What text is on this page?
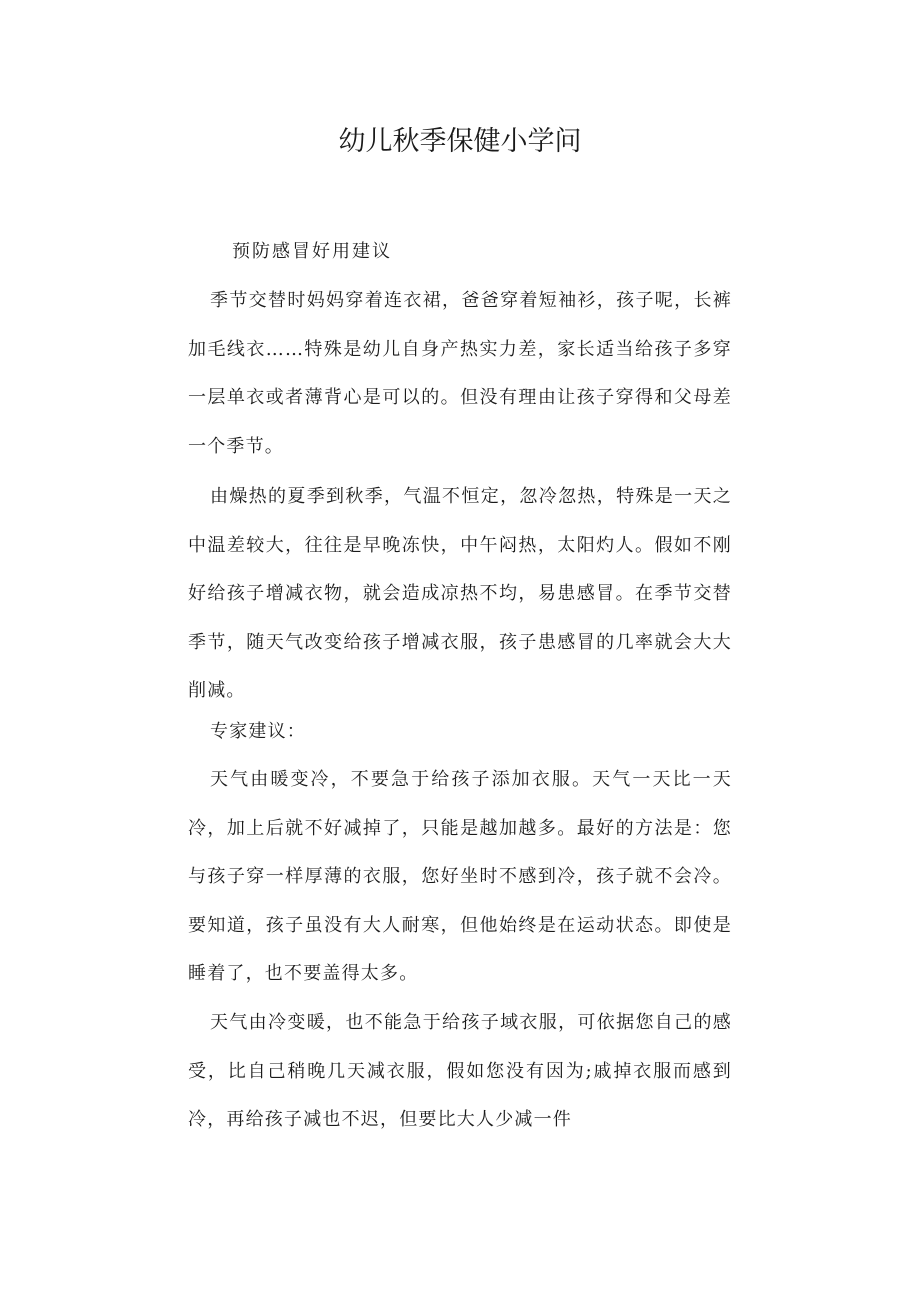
幼儿秋季保健小学问
预防感冒好用建议

季节交替时妈妈穿着连衣裙，爸爸穿着短袖衫，孩子呢，长裤加毛线衣……特殊是幼儿自身产热实力差，家长适当给孩子多穿一层单衣或者薄背心是可以的。但没有理由让孩子穿得和父母差一个季节。

由燥热的夏季到秋季，气温不恒定，忽冷忽热，特殊是一天之中温差较大，往往是早晚冻快，中午闷热，太阳灼人。假如不刚好给孩子增减衣物，就会造成凉热不均，易患感冒。在季节交替季节，随天气改变给孩子增减衣服，孩子患感冒的几率就会大大削减。

专家建议：

天气由暖变冷，不要急于给孩子添加衣服。天气一天比一天冷，加上后就不好减掉了，只能是越加越多。最好的方法是：您与孩子穿一样厚薄的衣服，您好坐时不感到冷，孩子就不会冷。要知道，孩子虽没有大人耐寒，但他始终是在运动状态。即使是睡着了，也不要盖得太多。

天气由冷变暖，也不能急于给孩子域衣服，可依据您自己的感受，比自己稍晚几天减衣服，假如您没有因为;戚掉衣服而感到冷，再给孩子减也不迟，但要比大人少减一件
